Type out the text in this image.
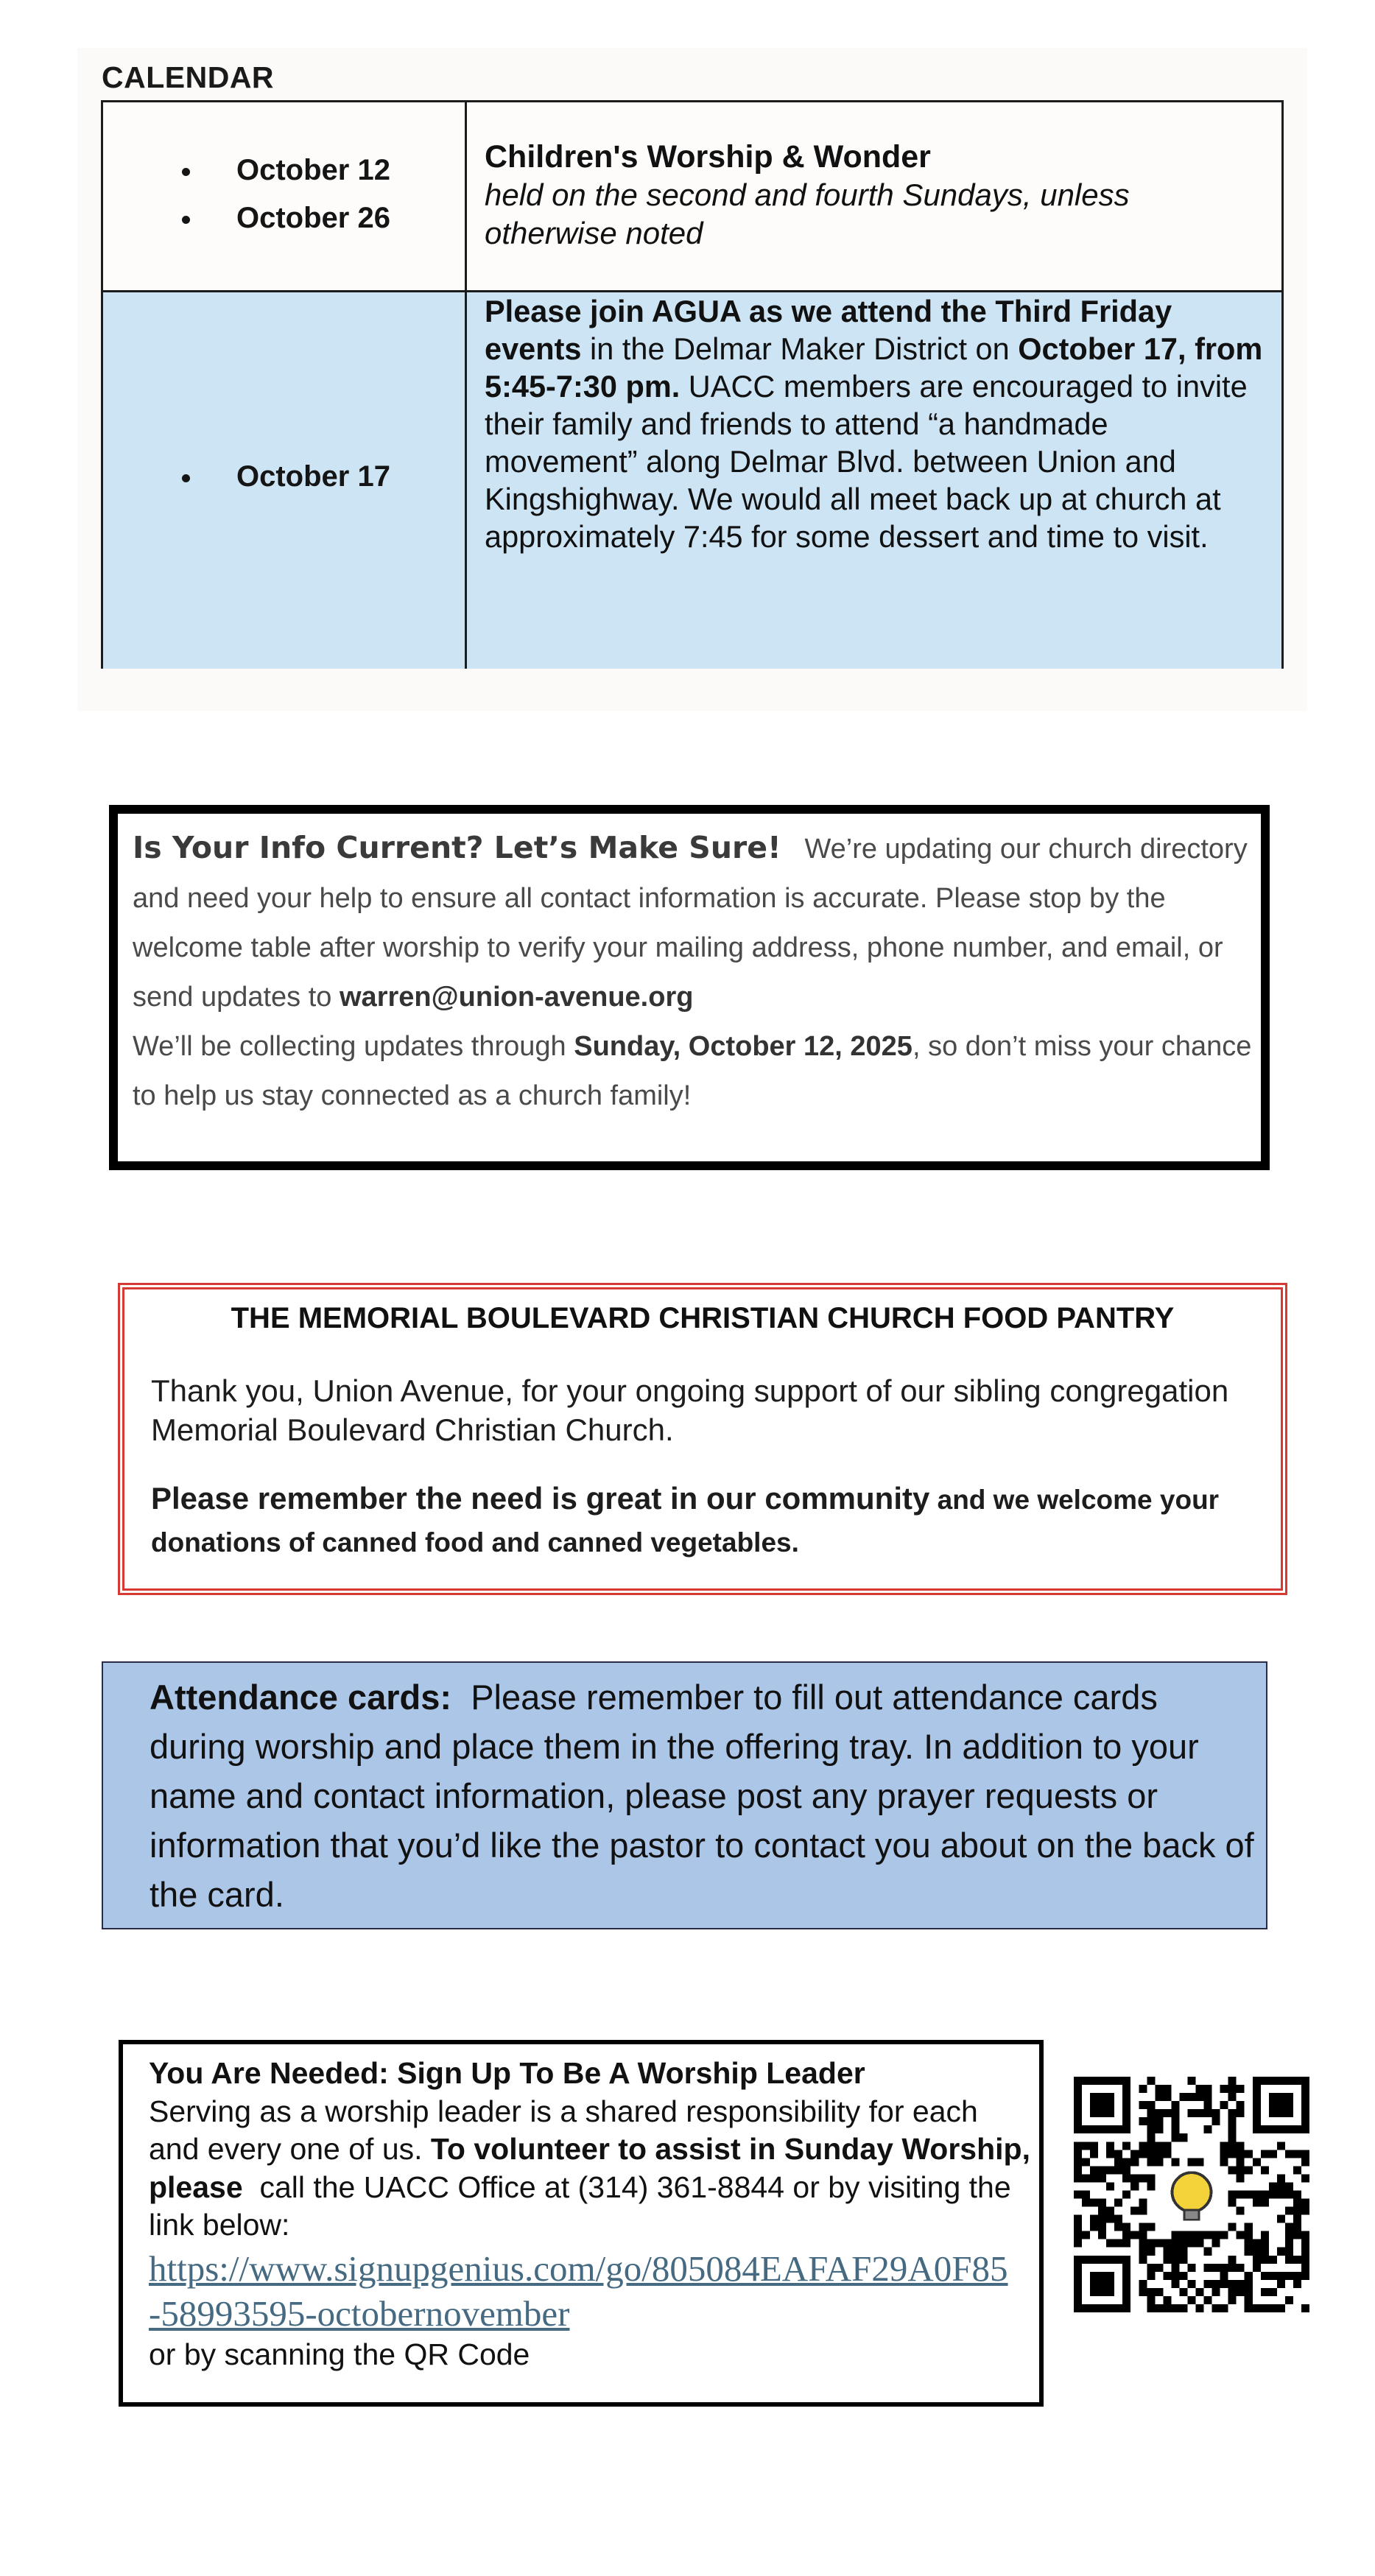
CALENDAR
October 12
October 26
Children's Worship & Wonder
held on the second and fourth Sundays, unless otherwise noted
October 17
Please join AGUA as we attend the Third Friday events in the Delmar Maker District on October 17, from 5:45-7:30 pm. UACC members are encouraged to invite their family and friends to attend “a handmade movement” along Delmar Blvd. between Union and Kingshighway. We would all meet back up at church at approximately 7:45 for some dessert and time to visit.
Is Your Info Current? Let’s Make Sure! We’re updating our church directory and need your help to ensure all contact information is accurate. Please stop by the welcome table after worship to verify your mailing address, phone number, and email, or send updates to warren@union-avenue.org
We’ll be collecting updates through Sunday, October 12, 2025, so don’t miss your chance to help us stay connected as a church family!
THE MEMORIAL BOULEVARD CHRISTIAN CHURCH FOOD PANTRY
Thank you, Union Avenue, for your ongoing support of our sibling congregation Memorial Boulevard Christian Church.
Please remember the need is great in our community and we welcome your donations of canned food and canned vegetables.
Attendance cards: Please remember to fill out attendance cards during worship and place them in the offering tray. In addition to your name and contact information, please post any prayer requests or information that you’d like the pastor to contact you about on the back of the card.
You Are Needed: Sign Up To Be A Worship Leader
Serving as a worship leader is a shared responsibility for each and every one of us. To volunteer to assist in Sunday Worship, please call the UACC Office at (314) 361-8844 or by visiting the link below:
https://www.signupgenius.com/go/805084EAFAF29A0F85-58993595-octobernovember
or by scanning the QR Code
